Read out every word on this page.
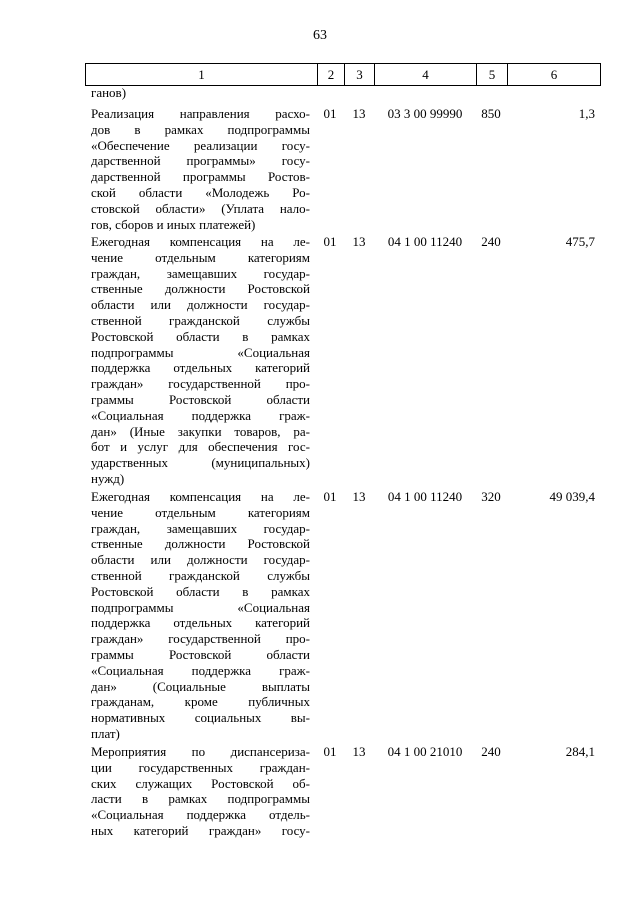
63
1	2	3	4	5	6
ганов)
Реализация направления расхо-
дов в рамках подпрограммы
«Обеспечение реализации госу-
дарственной программы» госу-
дарственной программы Ростов-
ской области «Молодежь Ро-
стовской области» (Уплата нало-
гов, сборов и иных платежей)
01	13	03 3 00 99990	850	1,3
Ежегодная компенсация на ле-
чение отдельным категориям
граждан, замещавших государ-
ственные должности Ростовской
области или должности государ-
ственной гражданской службы
Ростовской области в рамках
подпрограммы «Социальная
поддержка отдельных категорий
граждан» государственной про-
граммы Ростовской области
«Социальная поддержка граж-
дан» (Иные закупки товаров, ра-
бот и услуг для обеспечения гос-
ударственных (муниципальных)
нужд)
01	13	04 1 00 11240	240	475,7
Ежегодная компенсация на ле-
чение отдельным категориям
граждан, замещавших государ-
ственные должности Ростовской
области или должности государ-
ственной гражданской службы
Ростовской области в рамках
подпрограммы «Социальная
поддержка отдельных категорий
граждан» государственной про-
граммы Ростовской области
«Социальная поддержка граж-
дан» (Социальные выплаты
гражданам, кроме публичных
нормативных социальных вы-
плат)
01	13	04 1 00 11240	320	49 039,4
Мероприятия по диспансериза-
ции государственных граждан-
ских служащих Ростовской об-
ласти в рамках подпрограммы
«Социальная поддержка отдель-
ных категорий граждан» госу-
01	13	04 1 00 21010	240	284,1
